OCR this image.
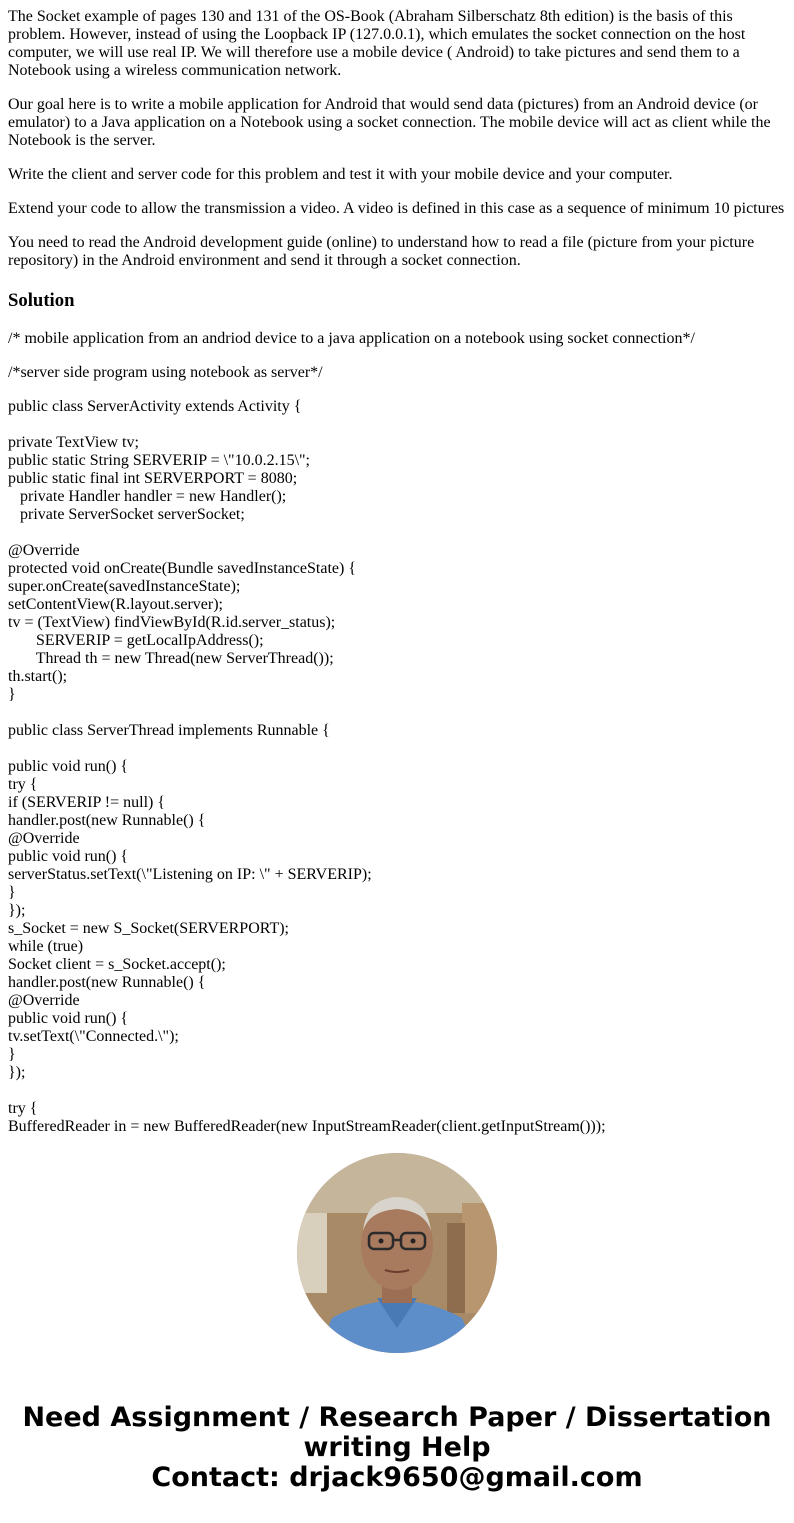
The Socket example of pages 130 and 131 of the OS-Book (Abraham Silberschatz 8th edition) is the basis of this problem. However, instead of using the Loopback IP (127.0.0.1), which emulates the socket connection on the host computer, we will use real IP. We will therefore use a mobile device ( Android) to take pictures and send them to a Notebook using a wireless communication network.

Our goal here is to write a mobile application for Android that would send data (pictures) from an Android device (or emulator) to a Java application on a Notebook using a socket connection. The mobile device will act as client while the Notebook is the server.

Write the client and server code for this problem and test it with your mobile device and your computer.

Extend your code to allow the transmission a video. A video is defined in this case as a sequence of minimum 10 pictures

You need to read the Android development guide (online) to understand how to read a file (picture from your picture repository) in the Android environment and send it through a socket connection.

Solution

/* mobile application from an andriod device to a java application on a notebook using socket connection*/

/*server side program using notebook as server*/

public class ServerActivity extends Activity {

private TextView tv;
public static String SERVERIP = \"10.0.2.15\";
public static final int SERVERPORT = 8080;
private Handler handler = new Handler();
private ServerSocket serverSocket;

@Override
protected void onCreate(Bundle savedInstanceState) {
super.onCreate(savedInstanceState);
setContentView(R.layout.server);
tv = (TextView) findViewById(R.id.server_status);
SERVERIP = getLocalIpAddress();
Thread th = new Thread(new ServerThread());
th.start();
}

public class ServerThread implements Runnable {

public void run() {
try {
if (SERVERIP != null) {
handler.post(new Runnable() {
@Override
public void run() {
serverStatus.setText(\"Listening on IP: \" + SERVERIP);
}
});
s_Socket = new S_Socket(SERVERPORT);
while (true)
Socket client = s_Socket.accept();
handler.post(new Runnable() {
@Override
public void run() {
tv.setText(\"Connected.\");
}
});

try {
BufferedReader in = new BufferedReader(new InputStreamReader(client.getInputStream()));
Need Assignment / Research Paper / Dissertation
writing Help
Contact: drjack9650@gmail.com
